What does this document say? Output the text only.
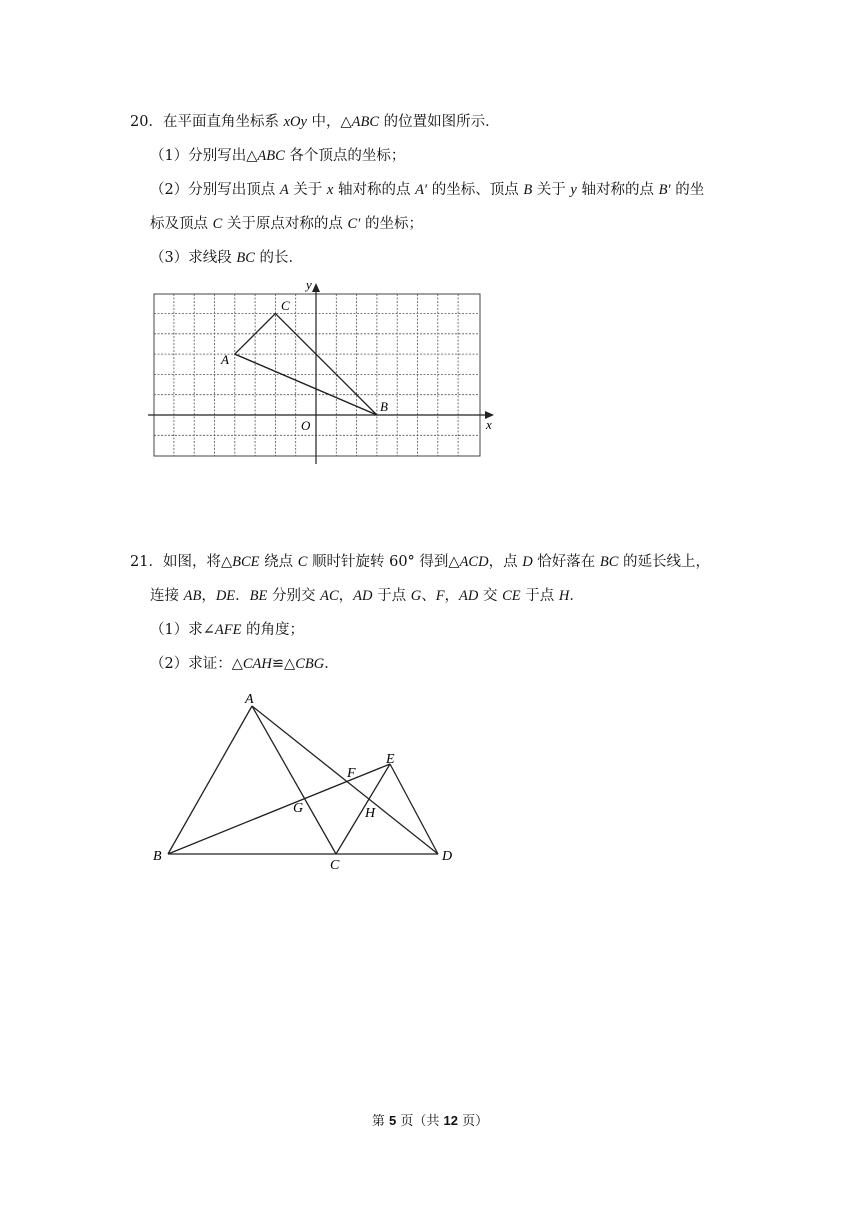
20．在平面直角坐标系 xOy 中，△ABC 的位置如图所示．
（1）分别写出△ABC 各个顶点的坐标；
（2）分别写出顶点 A 关于 x 轴对称的点 A′ 的坐标、顶点 B 关于 y 轴对称的点 B′ 的坐
标及顶点 C 关于原点对称的点 C′ 的坐标；
（3）求线段 BC 的长．
A
B
C
O	x
y
21．如图，将△BCE 绕点 C 顺时针旋转 60° 得到△ACD，点 D 恰好落在 BC 的延长线上，
连接 AB，DE．BE 分别交 AC，AD 于点 G、F，AD 交 CE 于点 H．
（1）求∠AFE 的角度；
（2）求证：△CAH≌△CBG．
A
B
C
D
E
F
G	H
第 5 页（共 12 页）
